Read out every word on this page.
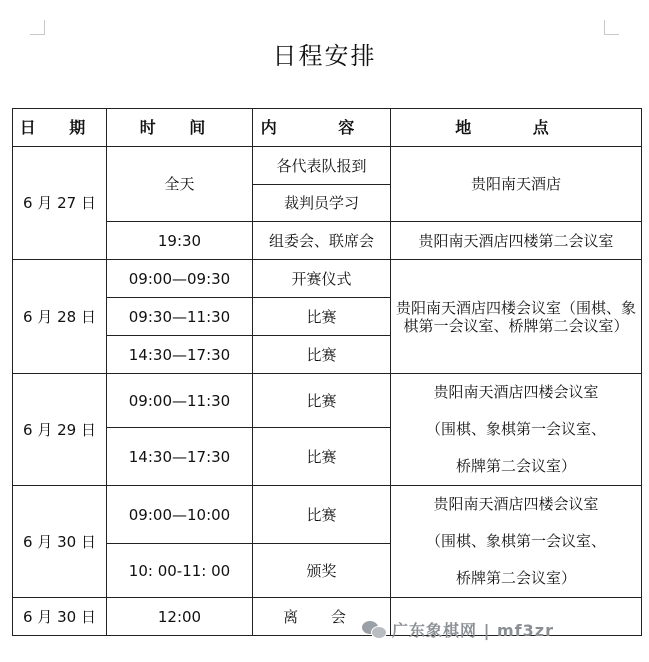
日程安排
日 期	时 间	内 容	地 点
6 月 27 日	全天	各代表队报到	贵阳南天酒店
		裁判员学习	
	19:30	组委会、联席会	贵阳南天酒店四楼第二会议室
6 月 28 日	09:00—09:30	开赛仪式	贵阳南天酒店四楼会议室（围棋、象棋第一会议室、桥牌第二会议室）
	09:30—11:30	比赛	
	14:30—17:30	比赛	
6 月 29 日	09:00—11:30	比赛	贵阳南天酒店四楼会议室
（围棋、象棋第一会议室、
桥牌第二会议室）

	14:30—17:30	比赛	
6 月 30 日	09:00—10:00	比赛	贵阳南天酒店四楼会议室
（围棋、象棋第一会议室、
桥牌第二会议室）

	10: 00-11: 00	颁奖	
6 月 30 日	12:00	离 会	
广东象棋网 | mf3zr
